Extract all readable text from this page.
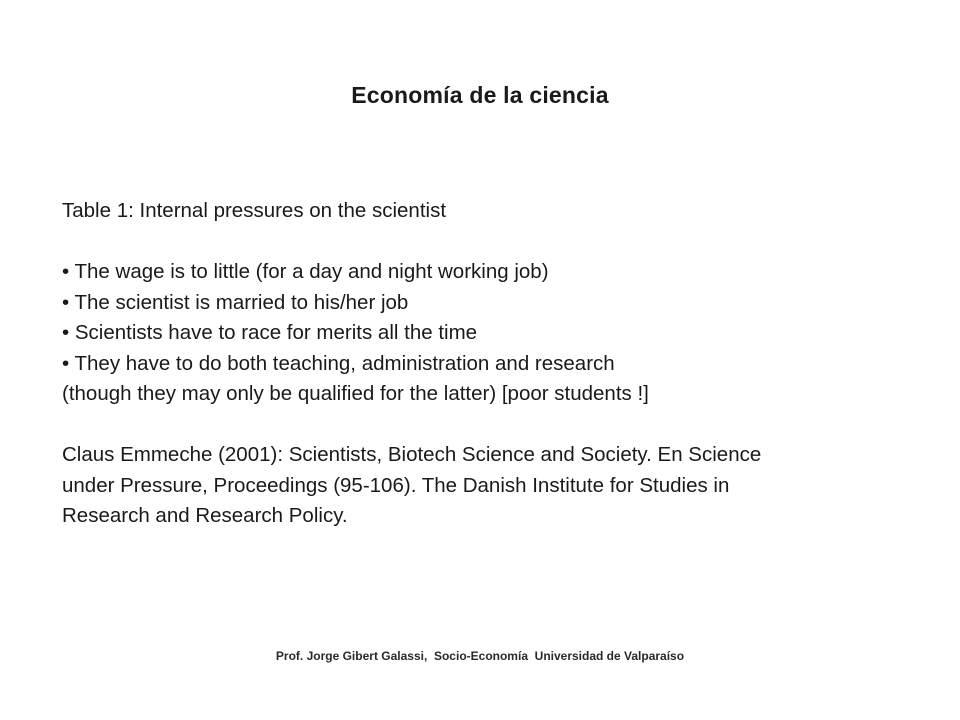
Economía de la ciencia
Table 1: Internal pressures on the scientist
• The wage is to little (for a day and night working job)
• The scientist is married to his/her job
• Scientists have to race for merits all the time
• They have to do both teaching, administration and research
(though they may only be qualified for the latter) [poor students !]
Claus Emmeche (2001): Scientists, Biotech Science and Society. En Science
under Pressure, Proceedings (95-106). The Danish Institute for Studies in
Research and Research Policy.
Prof. Jorge Gibert Galassi,  Socio-Economía  Universidad de Valparaíso
